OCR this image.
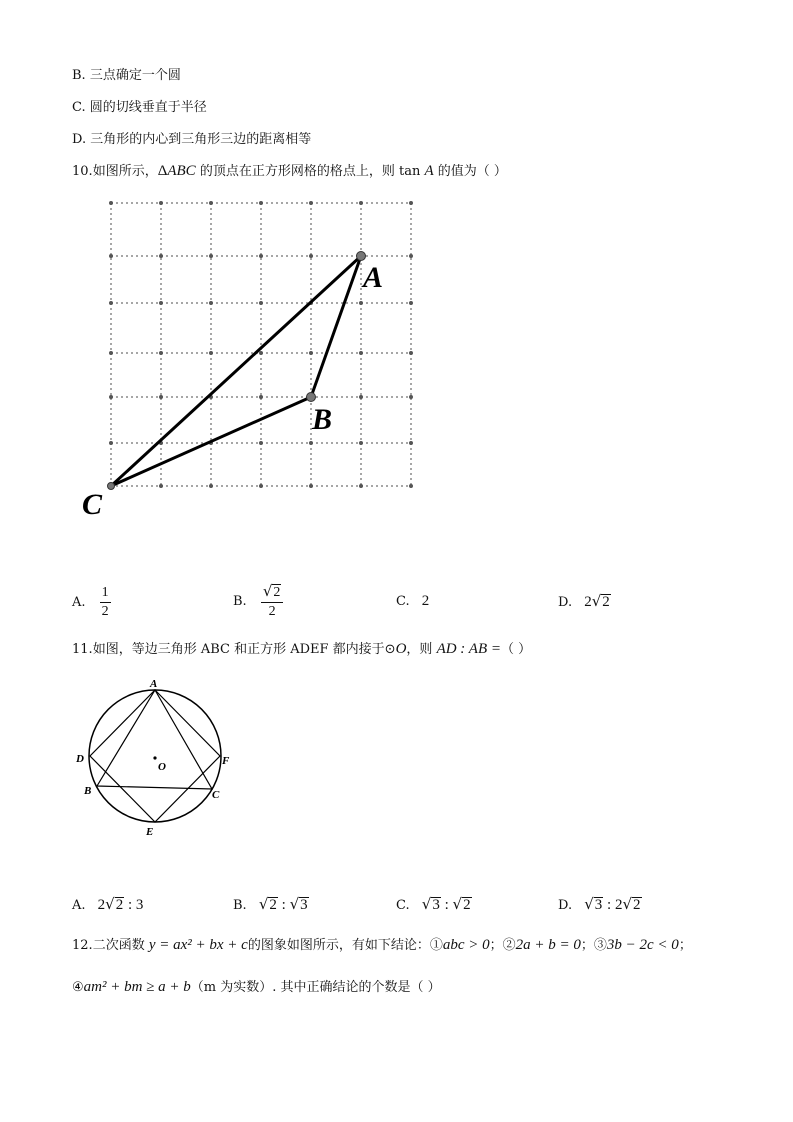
B. 三点确定一个圆
C. 圆的切线垂直于半径
D. 三角形的内心到三角形三边的距离相等
10.如图所示，ΔABC 的顶点在正方形网格的格点上，则 tan A 的值为（ ）
A
B
C
A. $\frac{1}{2}$	B. $\frac{√2}{2}$	C. 2	D. 2√2
11.如图，等边三角形 ABC 和正方形 ADEF 都内接于⊙O，则 AD : AB =（ ）
A
D	F
B	C
E
O
A. 2√2 : 3	B. √2 : √3	C. √3 : √2	D. √3 : 2√2
12.二次函数 y = ax² + bx + c的图象如图所示，有如下结论：①abc > 0；②2a + b = 0；③3b − 2c < 0；
④am² + bm ≥ a + b（m 为实数）. 其中正确结论的个数是（ ）
